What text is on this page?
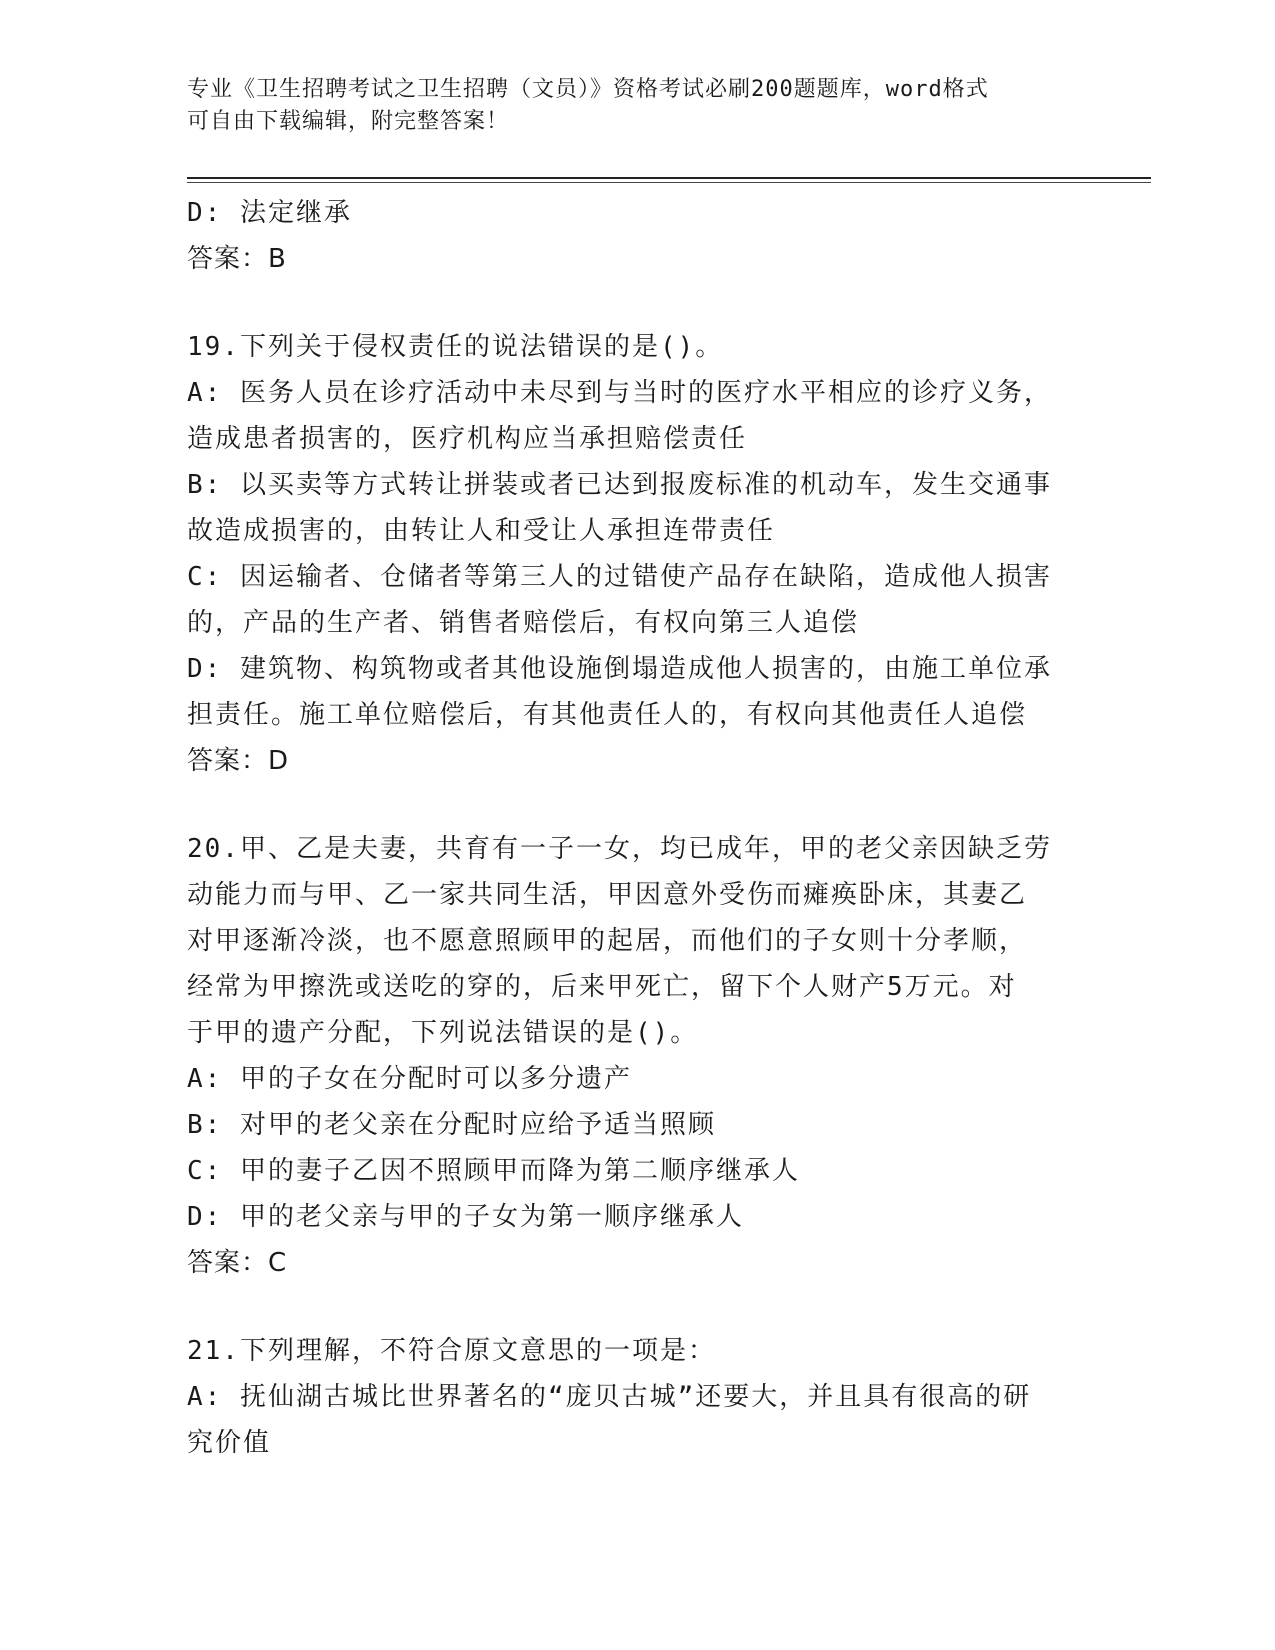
专业《卫生招聘考试之卫生招聘（文员）》资格考试必刷200题题库，word格式
可自由下载编辑，附完整答案！
D: 法定继承
答案：B
19.下列关于侵权责任的说法错误的是()。
A: 医务人员在诊疗活动中未尽到与当时的医疗水平相应的诊疗义务，
造成患者损害的，医疗机构应当承担赔偿责任
B: 以买卖等方式转让拼装或者已达到报废标准的机动车，发生交通事
故造成损害的，由转让人和受让人承担连带责任
C: 因运输者、仓储者等第三人的过错使产品存在缺陷，造成他人损害
的，产品的生产者、销售者赔偿后，有权向第三人追偿
D: 建筑物、构筑物或者其他设施倒塌造成他人损害的，由施工单位承
担责任。施工单位赔偿后，有其他责任人的，有权向其他责任人追偿
答案：D
20.甲、乙是夫妻，共育有一子一女，均已成年，甲的老父亲因缺乏劳
动能力而与甲、乙一家共同生活，甲因意外受伤而瘫痪卧床，其妻乙
对甲逐渐冷淡，也不愿意照顾甲的起居，而他们的子女则十分孝顺，
经常为甲擦洗或送吃的穿的，后来甲死亡，留下个人财产5万元。对
于甲的遗产分配，下列说法错误的是()。
A: 甲的子女在分配时可以多分遗产
B: 对甲的老父亲在分配时应给予适当照顾
C: 甲的妻子乙因不照顾甲而降为第二顺序继承人
D: 甲的老父亲与甲的子女为第一顺序继承人
答案：C
21.下列理解，不符合原文意思的一项是：
A: 抚仙湖古城比世界著名的“庞贝古城”还要大，并且具有很高的研
究价值
